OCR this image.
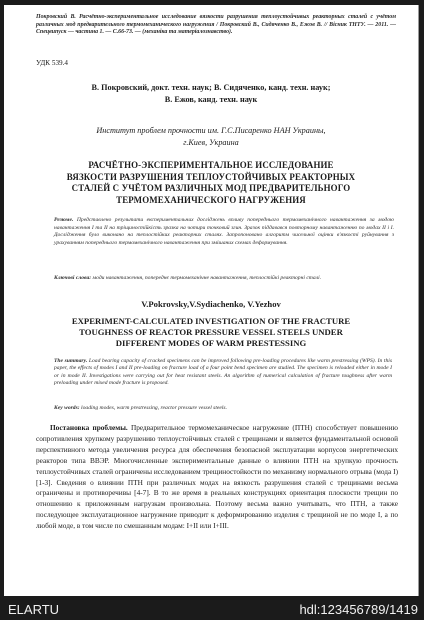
Покровский В. Расчётно-экспериментальное исследование вязкости разрушения теплоустойчивых реакторных сталей с учётом различных мод предварительного термомеханического нагружения / Покровский В., Сидяченко В., Ежов В. // Вісник ТНТУ. — 2011. — Спецвипуск — частина 1. — С.66-73. — (механіка та матеріалознавство).
УДК 539.4
В. Покровский, докт. техн. наук; В. Сидяченко, канд. техн. наук;
В. Ежов, канд. техн. наук
Институт проблем прочности им. Г.С.Писаренко НАН Украины,
г.Киев, Украина
РАСЧЁТНО-ЭКСПЕРИМЕНТАЛЬНОЕ ИССЛЕДОВАНИЕ
ВЯЗКОСТИ РАЗРУШЕНИЯ ТЕПЛОУСТОЙЧИВЫХ РЕАКТОРНЫХ
СТАЛЕЙ С УЧЁТОМ РАЗЛИЧНЫХ МОД ПРЕДВАРИТЕЛЬНОГО
ТЕРМОМЕХАНИЧЕСКОГО НАГРУЖЕНИЯ
Резюме. Представлено результати експериментальних досліджень впливу попереднього термомеханічного навантаження за модою навантаження I та II на тріщиностійкість зразка на чотири точковий згин. Зразок піддавався повторному навантаженню по модах II і I. Дослідження було виконано на теплостійких реакторних сталях. Запропоновано алгоритм чисельної оцінки в'язкості руйнування з урахуванням попереднього термомеханічного навантаження при змішаних схемах деформування.
Ключові слова: моди навантаження, попереднє термомеханічне навантаження, теплостійкі реакторні сталі.
V.Pokrovsky,V.Sydiachenko, V.Yezhov
EXPERIMENT-CALCULATED INVESTIGATION OF THE FRACTURE
TOUGHNESS OF REACTOR PRESSURE VESSEL STEELS UNDER
DIFFERENT MODES OF WARM PRESTESSING
The summary. Load bearing capacity of cracked specimens can be improved following pre-loading procedures like warm prestressing (WPS). In this paper, the effects of modes I and II pre-loading on fracture load of a four point bend specimen are studied. The specimen is reloaded either in mode I or in mode II. Investigations were carrying out for heat resistant steels. An algorithm of numerical calculation of fracture toughness after warm preloading under mixed mode fracture is proposed.
Key words: loading modes, warm prestressing, reactor pressure vessel steels.
Постановка проблемы. Предварительное термомеханическое нагружение (ПТН) способствует повышению сопротивления хрупкому разрушению теплоустойчивых сталей с трещинами и является фундаментальной основой перспективного метода увеличения ресурса для обеспечения безопасной эксплуатации корпусов энергетических реакторов типа ВВЭР. Многочисленные экспериментальные данные о влиянии ПТН на хрупкую прочность теплоустойчивых сталей ограничены исследованием трещиностойкости по механизму нормального отрыва (мода I) [1-3]. Сведения о влиянии ПТН при различных модах на вязкость разрушения сталей с трещинами весьма ограничены и противоречивы [4-7]. В то же время в реальных конструкциях ориентация плоскости трещин по отношению к приложенным нагрузкам произвольна. Поэтому весьма важно учитывать, что ПТН, а также последующее эксплуатационное нагружение приводит к деформированию изделия с трещиной не по моде I, а по любой моде, в том числе по смешанным модам: I+II или I+III.
ELARTU	hdl:123456789/1419
